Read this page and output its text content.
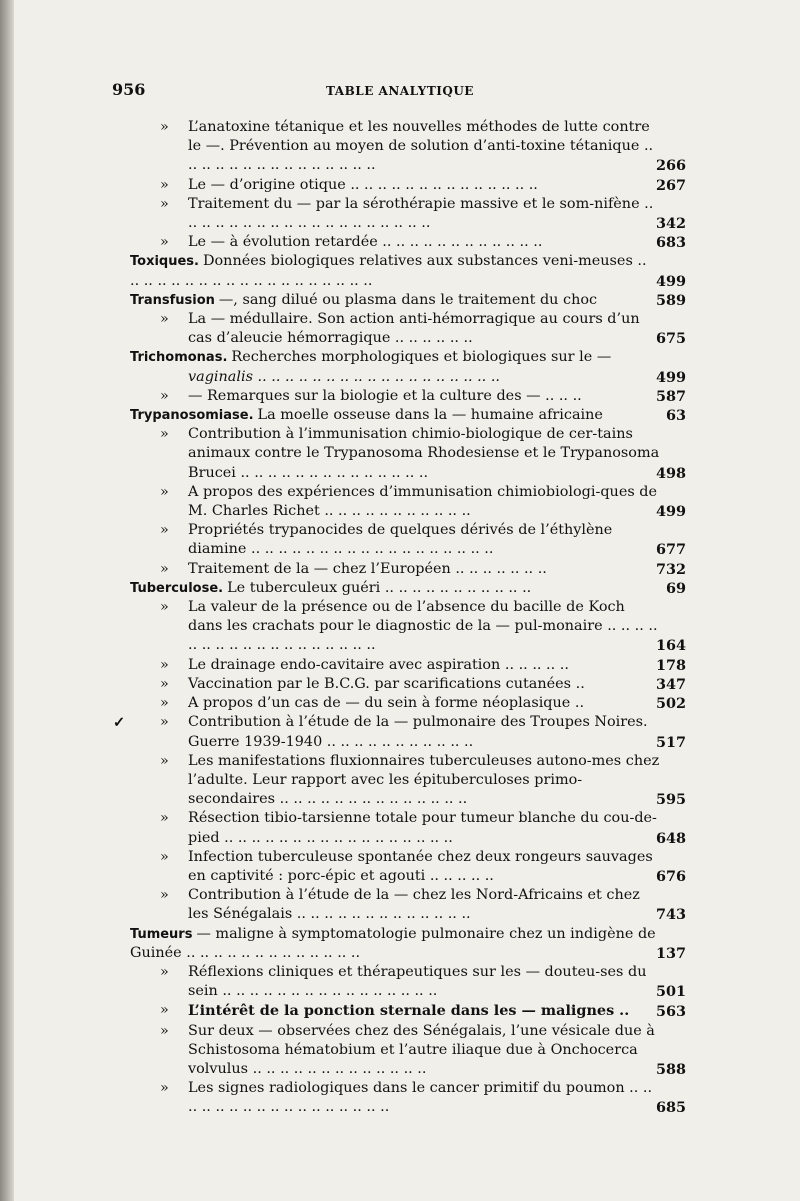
956	TABLE ANALYTIQUE
» L’anatoxine tétanique et les nouvelles méthodes de lutte contre le —. Prévention au moyen de solution d’anti-toxine tétanique .. .. .. .. .. .. .. .. .. .. .. .. .. .. ..	266
» Le — d’origine otique .. .. .. .. .. .. .. .. .. .. .. .. .. ..	267
» Traitement du — par la sérothérapie massive et le som-nifène .. .. .. .. .. .. .. .. .. .. .. .. .. .. .. .. .. .. ..	342
» Le — à évolution retardée .. .. .. .. .. .. .. .. .. .. .. ..	683
Toxiques. Données biologiques relatives aux substances veni-meuses .. .. .. .. .. .. .. .. .. .. .. .. .. .. .. .. .. .. ..	499
Transfusion —, sang dilué ou plasma dans le traitement du choc	589
» La — médullaire. Son action anti-hémorragique au cours d’un cas d’aleucie hémorragique .. .. .. .. .. ..	675
Trichomonas. Recherches morphologiques et biologiques sur le —
vaginalis .. .. .. .. .. .. .. .. .. .. .. .. .. .. .. .. .. ..	499
» — Remarques sur la biologie et la culture des — .. .. ..	587
Trypanosomiase. La moelle osseuse dans la — humaine africaine	63
» Contribution à l’immunisation chimio-biologique de cer-tains animaux contre le Trypanosoma Rhodesiense et le Trypanosoma Brucei .. .. .. .. .. .. .. .. .. .. .. .. .. ..	498
» A propos des expériences d’immunisation chimiobiologi-ques de M. Charles Richet .. .. .. .. .. .. .. .. .. .. ..	499
» Propriétés trypanocides de quelques dérivés de l’éthylène diamine .. .. .. .. .. .. .. .. .. .. .. .. .. .. .. .. .. ..	677
» Traitement de la — chez l’Européen .. .. .. .. .. .. ..	732
Tuberculose. Le tuberculeux guéri .. .. .. .. .. .. .. .. .. .. ..	69
» La valeur de la présence ou de l’absence du bacille de Koch dans les crachats pour le diagnostic de la — pul-monaire .. .. .. .. .. .. .. .. .. .. .. .. .. .. .. .. .. ..	164
» Le drainage endo-cavitaire avec aspiration .. .. .. .. ..	178
» Vaccination par le B.C.G. par scarifications cutanées ..	347
» A propos d’un cas de — du sein à forme néoplasique ..	502
✓ » Contribution à l’étude de la — pulmonaire des Troupes Noires. Guerre 1939-1940 .. .. .. .. .. .. .. .. .. .. ..	517
» Les manifestations fluxionnaires tuberculeuses autono-mes chez l’adulte. Leur rapport avec les épituberculoses primo-secondaires .. .. .. .. .. .. .. .. .. .. .. .. .. ..	595
» Résection tibio-tarsienne totale pour tumeur blanche du cou-de-pied .. .. .. .. .. .. .. .. .. .. .. .. .. .. .. .. ..	648
» Infection tuberculeuse spontanée chez deux rongeurs sauvages en captivité : porc-épic et agouti .. .. .. .. ..	676
» Contribution à l’étude de la — chez les Nord-Africains et chez les Sénégalais .. .. .. .. .. .. .. .. .. .. .. .. ..	743
Tumeurs — maligne à symptomatologie pulmonaire chez un indigène de Guinée .. .. .. .. .. .. .. .. .. .. .. .. ..	137
» Réflexions cliniques et thérapeutiques sur les — douteu-ses du sein .. .. .. .. .. .. .. .. .. .. .. .. .. .. .. ..	501
» L’intérêt de la ponction sternale dans les — malignes ..	563
» Sur deux — observées chez des Sénégalais, l’une vésicale due à Schistosoma hématobium et l’autre iliaque due à Onchocerca volvulus .. .. .. .. .. .. .. .. .. .. .. .. ..	588
» Les signes radiologiques dans le cancer primitif du poumon .. .. .. .. .. .. .. .. .. .. .. .. .. .. .. .. ..	685
